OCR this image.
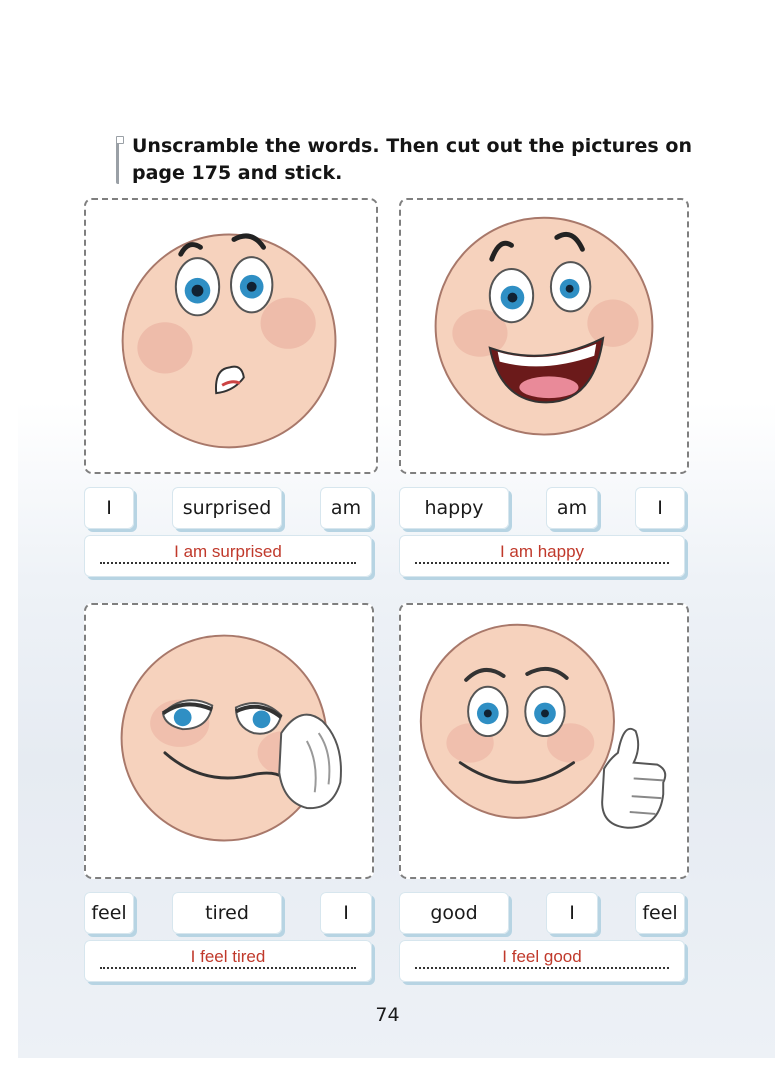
Unscramble the words. Then cut out the pictures on page 175 and stick.
I	surprised	am
I am surprised
happy	am	I
I am happy
feel	tired	I
I feel tired
good	I	feel
I feel good
74
